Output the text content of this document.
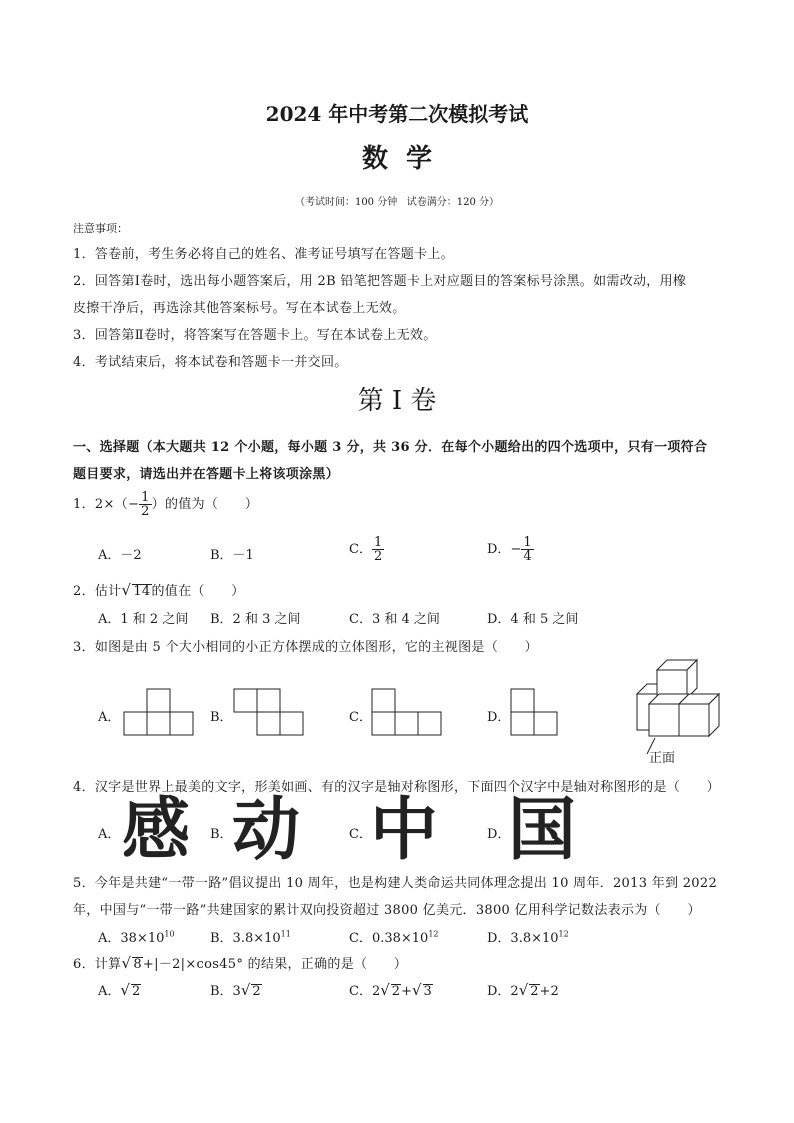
2024 年中考第二次模拟考试
数  学
（考试时间：100 分钟   试卷满分：120 分）
注意事项：
1．答卷前，考生务必将自己的姓名、准考证号填写在答题卡上。
2．回答第Ⅰ卷时，选出每小题答案后，用 2B 铅笔把答题卡上对应题目的答案标号涂黑。如需改动，用橡
皮擦干净后，再选涂其他答案标号。写在本试卷上无效。
3．回答第Ⅱ卷时，将答案写在答题卡上。写在本试卷上无效。
4．考试结束后，将本试卷和答题卡一并交回。
第 I 卷
一、选择题（本大题共 12 个小题，每小题 3 分，共 36 分．在每个小题给出的四个选项中，只有一项符合
题目要求，请选出并在答题卡上将该项涂黑）
1．$2\times(- \frac{1}{2}$ ）的值为（      ）
A．－2	B．－1	C． $\frac{1}{2}$	D．− $\frac{1}{4}$
2．估计√ 14的值在（      ）
A．1 和 2 之间 B．2 和 3 之间	C．3 和 4 之间	D．4 和 5 之间
3．如图是由 5 个大小相同的小正方体摆成的立体图形，它的主视图是（      ）
A．	B．	C．	D．
正面
4．汉字是世界上最美的文字，形美如画、有的汉字是轴对称图形，下面四个汉字中是轴对称图形的是（      ）
A． 感 B． 动	C．
中	D．
国
5．今年是共建“一带一路”倡议提出 10 周年，也是构建人类命运共同体理念提出 10 周年．2013 年到 2022
年，中国与“一带一路”共建国家的累计双向投资超过 3800 亿美元．3800 亿用科学记数法表示为（      ）
A．$38\times 10^{10}$	B．$3.8\times 10^{11}$	C．$0.38\times 10^{12}$	D．$3.8\times 10^{12}$
6．计算√ 8+|－2|×cos45° 的结果，正确的是（      ）
A．√ 2	B．3√ 2	C．2√ 2+√ 3	D．2√ 2+2
